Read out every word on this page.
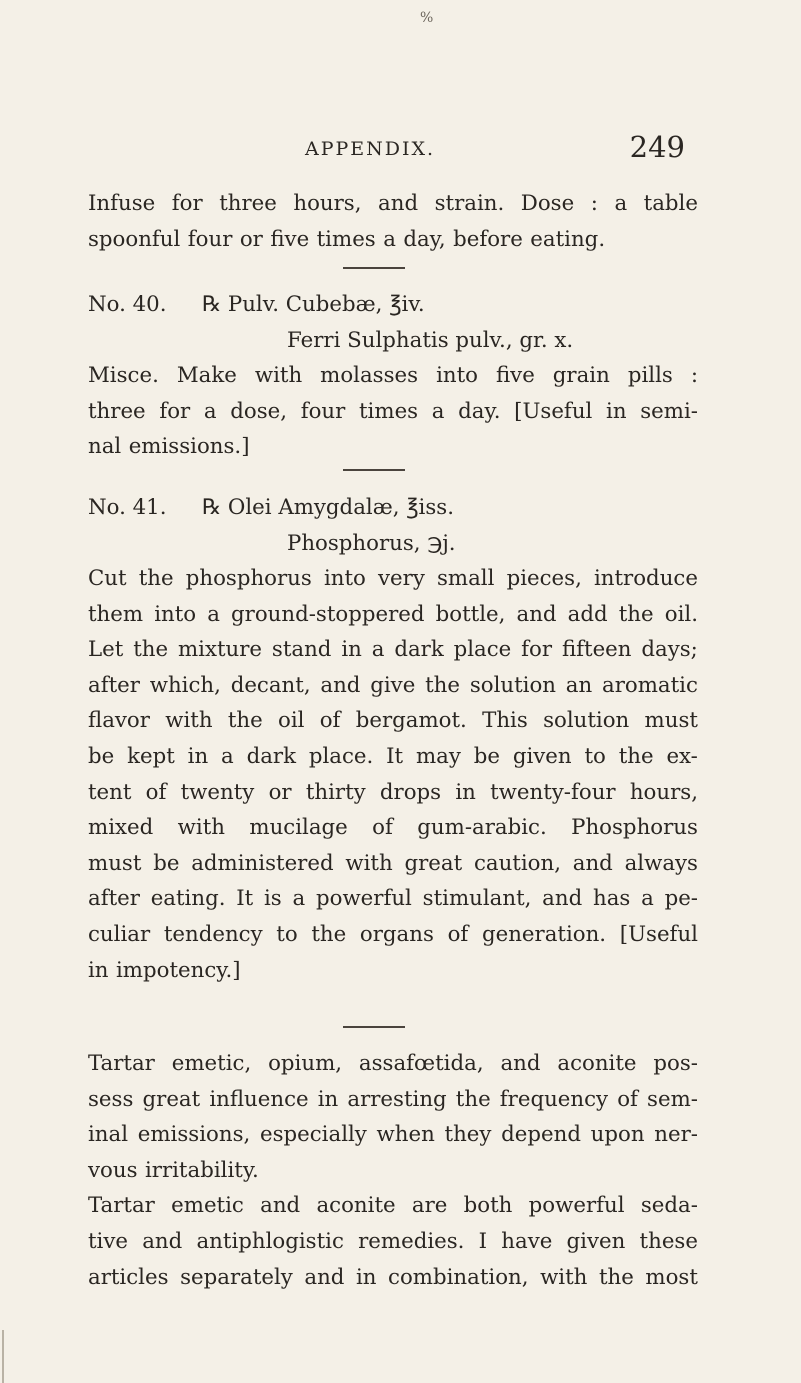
%
APPENDIX.	249
Infuse for three hours, and strain. Dose : a table
spoonful four or five times a day, before eating.
No. 40. ℞ Pulv. Cubebæ, ℥iv.
Ferri Sulphatis pulv., gr. x.
Misce. Make with molasses into five grain pills :
three for a dose, four times a day. [Useful in semi-
nal emissions.]
No. 41. ℞ Olei Amygdalæ, ℥iss.
Phosphorus, ℈j.
Cut the phosphorus into very small pieces, introduce
them into a ground-stoppered bottle, and add the oil.
Let the mixture stand in a dark place for fifteen days;
after which, decant, and give the solution an aromatic
flavor with the oil of bergamot. This solution must
be kept in a dark place. It may be given to the ex-
tent of twenty or thirty drops in twenty-four hours,
mixed with mucilage of gum-arabic. Phosphorus
must be administered with great caution, and always
after eating. It is a powerful stimulant, and has a pe-
culiar tendency to the organs of generation. [Useful
in impotency.]
Tartar emetic, opium, assafœtida, and aconite pos-
sess great influence in arresting the frequency of sem-
inal emissions, especially when they depend upon ner-
vous irritability.
Tartar emetic and aconite are both powerful seda-
tive and antiphlogistic remedies. I have given these
articles separately and in combination, with the most
